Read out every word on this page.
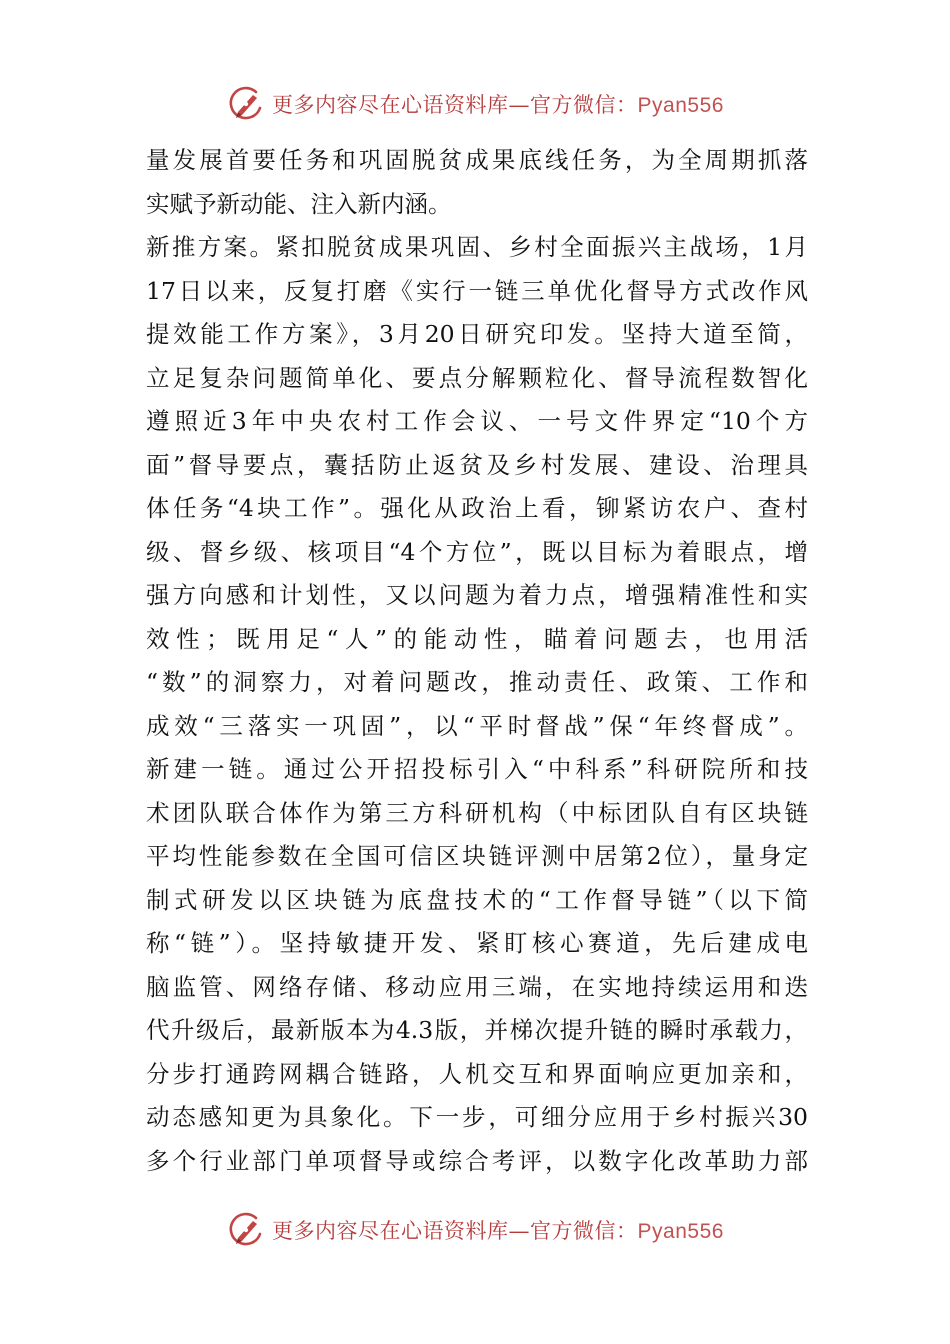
更多内容尽在心语资料库—官方微信：Pyan556
量发展首要任务和巩固脱贫成果底线任务，为全周期抓落
实赋予新动能、注入新内涵。
新推方案。紧扣脱贫成果巩固、乡村全面振兴主战场，1月
17日以来，反复打磨《实行一链三单优化督导方式改作风
提效能工作方案》，3月20日研究印发。坚持大道至简，
立足复杂问题简单化、要点分解颗粒化、督导流程数智化
遵照近3年中央农村工作会议、一号文件界定“10个方
面”督导要点，囊括防止返贫及乡村发展、建设、治理具
体任务“4块工作”。强化从政治上看，铆紧访农户、查村
级、督乡级、核项目“4个方位”，既以目标为着眼点，增
强方向感和计划性，又以问题为着力点，增强精准性和实
效性；既用足“人”的能动性，瞄着问题去，也用活
“数”的洞察力，对着问题改，推动责任、政策、工作和
成效“三落实一巩固”，以“平时督战”保“年终督成”。
新建一链。通过公开招投标引入“中科系”科研院所和技
术团队联合体作为第三方科研机构（中标团队自有区块链
平均性能参数在全国可信区块链评测中居第2位），量身定
制式研发以区块链为底盘技术的“工作督导链”（以下简
称“链”）。坚持敏捷开发、紧盯核心赛道，先后建成电
脑监管、网络存储、移动应用三端，在实地持续运用和迭
代升级后，最新版本为4.3版，并梯次提升链的瞬时承载力，
分步打通跨网耦合链路，人机交互和界面响应更加亲和，
动态感知更为具象化。下一步，可细分应用于乡村振兴30
多个行业部门单项督导或综合考评，以数字化改革助力部
更多内容尽在心语资料库—官方微信：Pyan556
